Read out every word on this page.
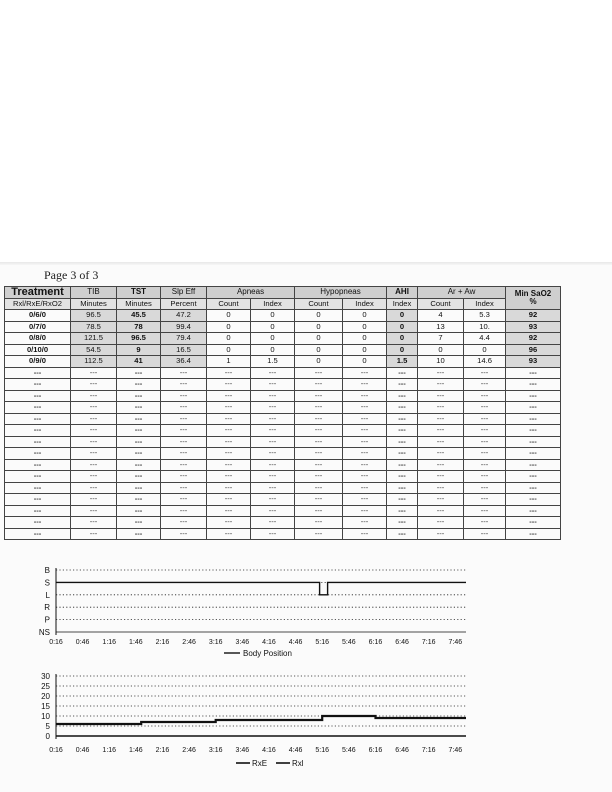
Page 3 of 3
Treatment	TIB	TST	Slp Eff	Apneas		Hypopneas		AHI	Ar + Aw		Min SaO2
%
Rxl/RxE/RxO2	Minutes	Minutes	Percent	Count	Index	Count	Index	Index	Count	Index	
0/6/0	96.5	45.5	47.2	0	0	0	0	0	4	5.3	92
0/7/0	78.5	78	99.4	0	0	0	0	0	13	10.	93
0/8/0	121.5	96.5	79.4	0	0	0	0	0	7	4.4	92
0/10/0	54.5	9	16.5	0	0	0	0	0	0	0	96
0/9/0	112.5	41	36.4	1	1.5	0	0	1.5	10	14.6	93
---	---	---	---	---	---	---	---	---	---	---	---
---	---	---	---	---	---	---	---	---	---	---	---
---	---	---	---	---	---	---	---	---	---	---	---
---	---	---	---	---	---	---	---	---	---	---	---
---	---	---	---	---	---	---	---	---	---	---	---
---	---	---	---	---	---	---	---	---	---	---	---
---	---	---	---	---	---	---	---	---	---	---	---
---	---	---	---	---	---	---	---	---	---	---	---
---	---	---	---	---	---	---	---	---	---	---	---
---	---	---	---	---	---	---	---	---	---	---	---
---	---	---	---	---	---	---	---	---	---	---	---
---	---	---	---	---	---	---	---	---	---	---	---
---	---	---	---	---	---	---	---	---	---	---	---
---	---	---	---	---	---	---	---	---	---	---	---
---	---	---	---	---	---	---	---	---	---	---	---
B
S
L
R
P
NS
0:16 0:46 1:16 1:46 2:16 2:46 3:16 3:46 4:16 4:46 5:16 5:46 6:16 6:46 7:16 7:46
Body Position
30
25
20
15
10
5
0
0:16 0:46 1:16 1:46 2:16 2:46 3:16 3:46 4:16 4:46 5:16 5:46 6:16 6:46 7:16 7:46
RxE	Rxl
